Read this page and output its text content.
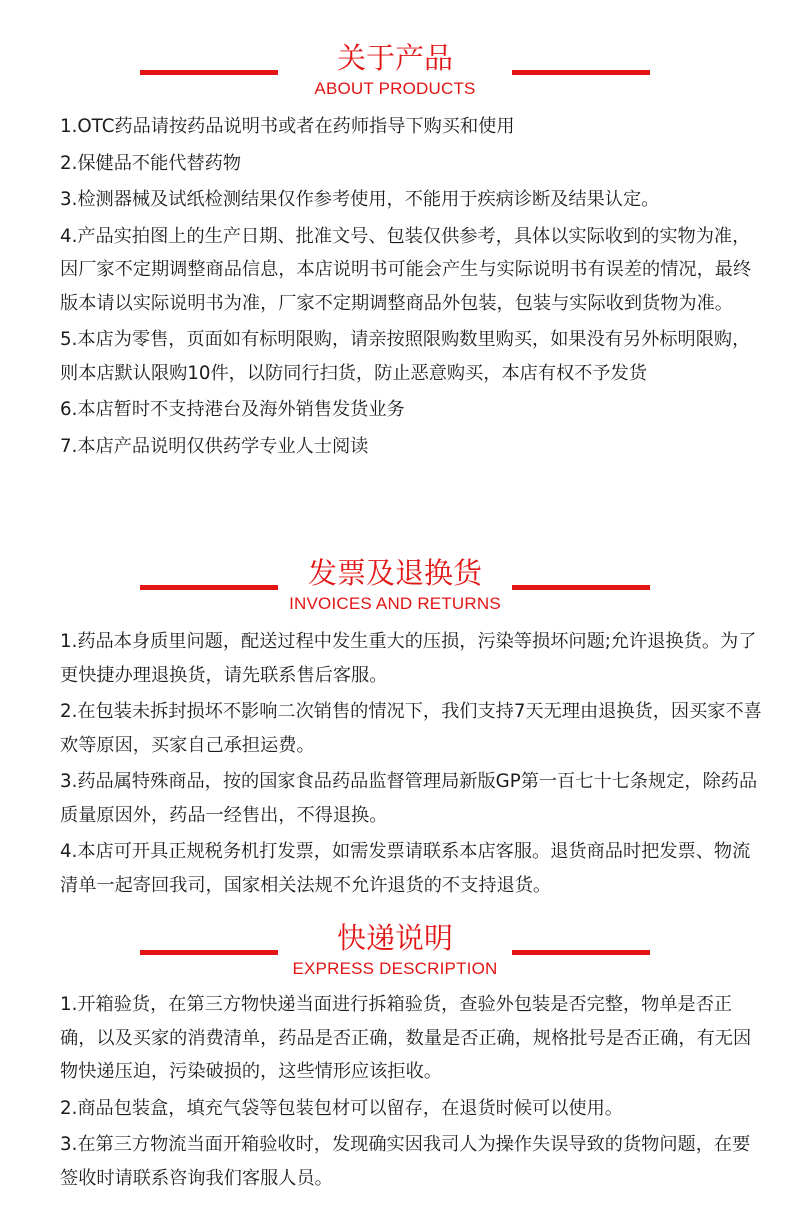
关于产品
ABOUT PRODUCTS
1.OTC药品请按药品说明书或者在药师指导下购买和使用
2.保健品不能代替药物
3.检测器械及试纸检测结果仅作参考使用，不能用于疾病诊断及结果认定。
4.产品实拍图上的生产日期、批准文号、包装仅供参考，具体以实际收到的实物为准，因厂家不定期调整商品信息，本店说明书可能会产生与实际说明书有误差的情况，最终版本请以实际说明书为准，厂家不定期调整商品外包装，包装与实际收到货物为准。
5.本店为零售，页面如有标明限购，请亲按照限购数里购买，如果没有另外标明限购，则本店默认限购10件，以防同行扫货，防止恶意购买，本店有权不予发货
6.本店暂时不支持港台及海外销售发货业务
7.本店产品说明仅供药学专业人士阅读
发票及退换货
INVOICES AND RETURNS
1.药品本身质里问题，配送过程中发生重大的压损，污染等损坏问题;允许退换货。为了更快捷办理退换货，请先联系售后客服。
2.在包装未拆封损坏不影响二次销售的情况下，我们支持7天无理由退换货，因买家不喜欢等原因，买家自己承担运费。
3.药品属特殊商品，按的国家食品药品监督管理局新版GP第一百七十七条规定，除药品质量原因外，药品一经售出，不得退换。
4.本店可开具正规税务机打发票，如需发票请联系本店客服。退货商品时把发票、物流清单一起寄回我司，国家相关法规不允许退货的不支持退货。
快递说明
EXPRESS DESCRIPTION
1.开箱验货，在第三方物快递当面进行拆箱验货，查验外包装是否完整，物单是否正确，以及买家的消费清单，药品是否正确，数量是否正确，规格批号是否正确，有无因物快递压迫，污染破损的，这些情形应该拒收。
2.商品包装盒，填充气袋等包装包材可以留存，在退货时候可以使用。
3.在第三方物流当面开箱验收时，发现确实因我司人为操作失误导致的货物问题，在要签收时请联系咨询我们客服人员。
